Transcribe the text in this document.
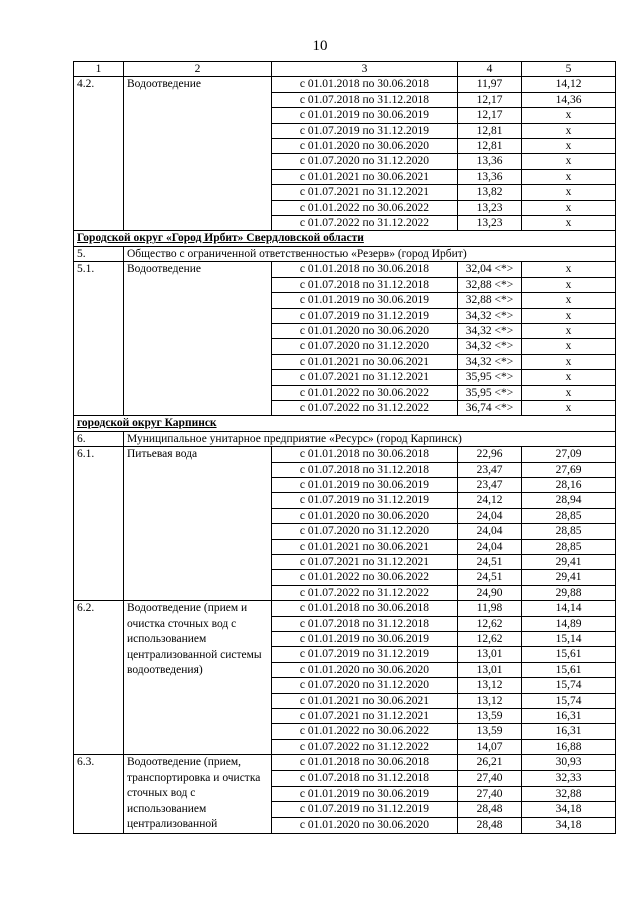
10
1	2	3	4	5
4.2.	Водоотведение	с 01.01.2018 по 30.06.2018	11,97	14,12
		с 01.07.2018 по 31.12.2018	12,17	14,36
		с 01.01.2019 по 30.06.2019	12,17	х
		с 01.07.2019 по 31.12.2019	12,81	х
		с 01.01.2020 по 30.06.2020	12,81	х
		с 01.07.2020 по 31.12.2020	13,36	х
		с 01.01.2021 по 30.06.2021	13,36	х
		с 01.07.2021 по 31.12.2021	13,82	х
		с 01.01.2022 по 30.06.2022	13,23	х
		с 01.07.2022 по 31.12.2022	13,23	х
Городской округ «Город Ирбит» Свердловской области				
5.	Общество с ограниченной ответственностью «Резерв» (город Ирбит)			
5.1.	Водоотведение	с 01.01.2018 по 30.06.2018	32,04 <*>	х
		с 01.07.2018 по 31.12.2018	32,88 <*>	х
		с 01.01.2019 по 30.06.2019	32,88 <*>	х
		с 01.07.2019 по 31.12.2019	34,32 <*>	х
		с 01.01.2020 по 30.06.2020	34,32 <*>	х
		с 01.07.2020 по 31.12.2020	34,32 <*>	х
		с 01.01.2021 по 30.06.2021	34,32 <*>	х
		с 01.07.2021 по 31.12.2021	35,95 <*>	х
		с 01.01.2022 по 30.06.2022	35,95 <*>	х
		с 01.07.2022 по 31.12.2022	36,74 <*>	х
городской округ Карпинск				
6.	Муниципальное унитарное предприятие «Ресурс» (город Карпинск)			
6.1.	Питьевая вода	с 01.01.2018 по 30.06.2018	22,96	27,09
		с 01.07.2018 по 31.12.2018	23,47	27,69
		с 01.01.2019 по 30.06.2019	23,47	28,16
		с 01.07.2019 по 31.12.2019	24,12	28,94
		с 01.01.2020 по 30.06.2020	24,04	28,85
		с 01.07.2020 по 31.12.2020	24,04	28,85
		с 01.01.2021 по 30.06.2021	24,04	28,85
		с 01.07.2021 по 31.12.2021	24,51	29,41
		с 01.01.2022 по 30.06.2022	24,51	29,41
		с 01.07.2022 по 31.12.2022	24,90	29,88
6.2.	Водоотведение (прием и очистка сточных вод с использованием централизованной системы водоотведения)	с 01.01.2018 по 30.06.2018	11,98	14,14
		с 01.07.2018 по 31.12.2018	12,62	14,89
		с 01.01.2019 по 30.06.2019	12,62	15,14
		с 01.07.2019 по 31.12.2019	13,01	15,61
		с 01.01.2020 по 30.06.2020	13,01	15,61
		с 01.07.2020 по 31.12.2020	13,12	15,74
		с 01.01.2021 по 30.06.2021	13,12	15,74
		с 01.07.2021 по 31.12.2021	13,59	16,31
		с 01.01.2022 по 30.06.2022	13,59	16,31
		с 01.07.2022 по 31.12.2022	14,07	16,88
6.3.	Водоотведение (прием, транспортировка и очистка сточных вод с использованием централизованной	с 01.01.2018 по 30.06.2018	26,21	30,93
		с 01.07.2018 по 31.12.2018	27,40	32,33
		с 01.01.2019 по 30.06.2019	27,40	32,88
		с 01.07.2019 по 31.12.2019	28,48	34,18
		с 01.01.2020 по 30.06.2020	28,48	34,18
